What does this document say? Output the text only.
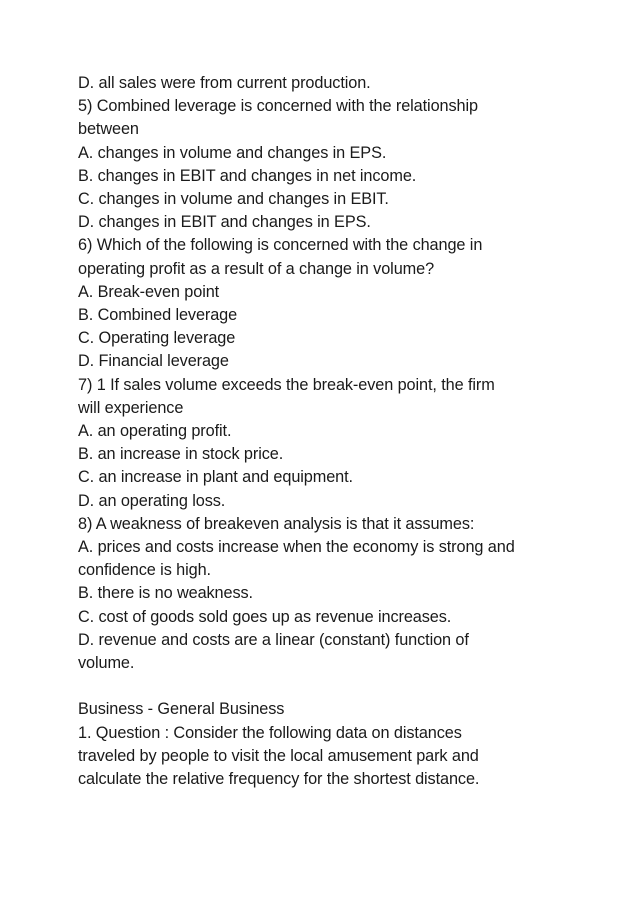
D. all sales were from current production.

5) Combined leverage is concerned with the relationship

between

A. changes in volume and changes in EPS.

B. changes in EBIT and changes in net income.

C. changes in volume and changes in EBIT.

D. changes in EBIT and changes in EPS.

6) Which of the following is concerned with the change in

operating profit as a result of a change in volume?

A. Break-even point

B. Combined leverage

C. Operating leverage

D. Financial leverage

7) 1 If sales volume exceeds the break-even point, the firm

will experience

A. an operating profit.

B. an increase in stock price.

C. an increase in plant and equipment.

D. an operating loss.

8) A weakness of breakeven analysis is that it assumes:

A. prices and costs increase when the economy is strong and

confidence is high.

B. there is no weakness.

C. cost of goods sold goes up as revenue increases.

D. revenue and costs are a linear (constant) function of

volume.

Business - General Business

1. Question : Consider the following data on distances

traveled by people to visit the local amusement park and

calculate the relative frequency for the shortest distance.
